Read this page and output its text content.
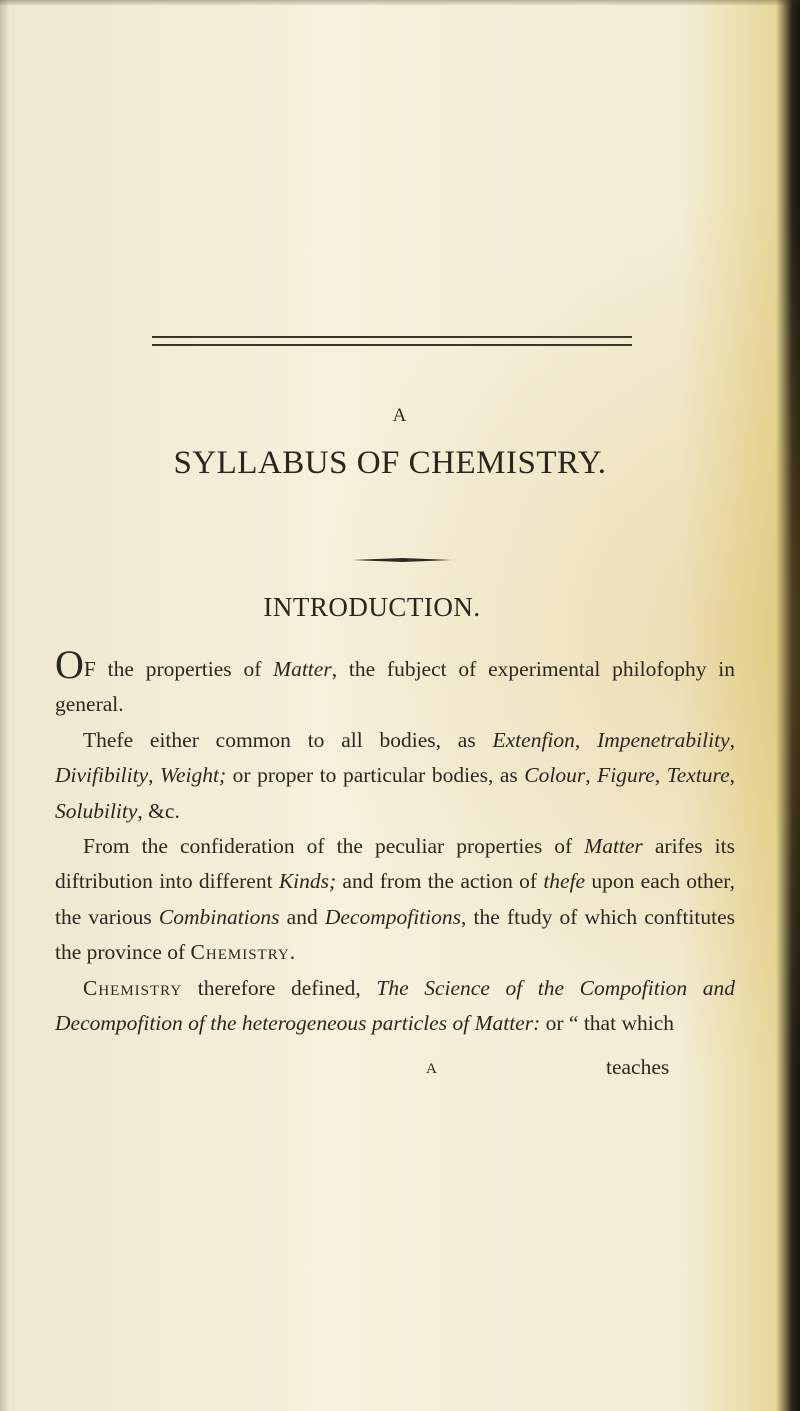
A
SYLLABUS OF CHEMISTRY.
INTRODUCTION.

OF the properties of Matter, the fubject of experimental philofophy in general.

Thefe either common to all bodies, as Extenfion, Impenetrability, Divifibility, Weight; or proper to particular bodies, as Colour, Figure, Texture, Solubility, &c.

From the confideration of the peculiar properties of Matter arifes its diftribution into different Kinds; and from the action of thefe upon each other, the various Combinations and Decompofitions, the ftudy of which conftitutes the province of Chemistry.

Chemistry therefore defined, The Science of the Compofition and Decompofition of the heterogeneous particles of Matter: or “ that which

A	teaches
